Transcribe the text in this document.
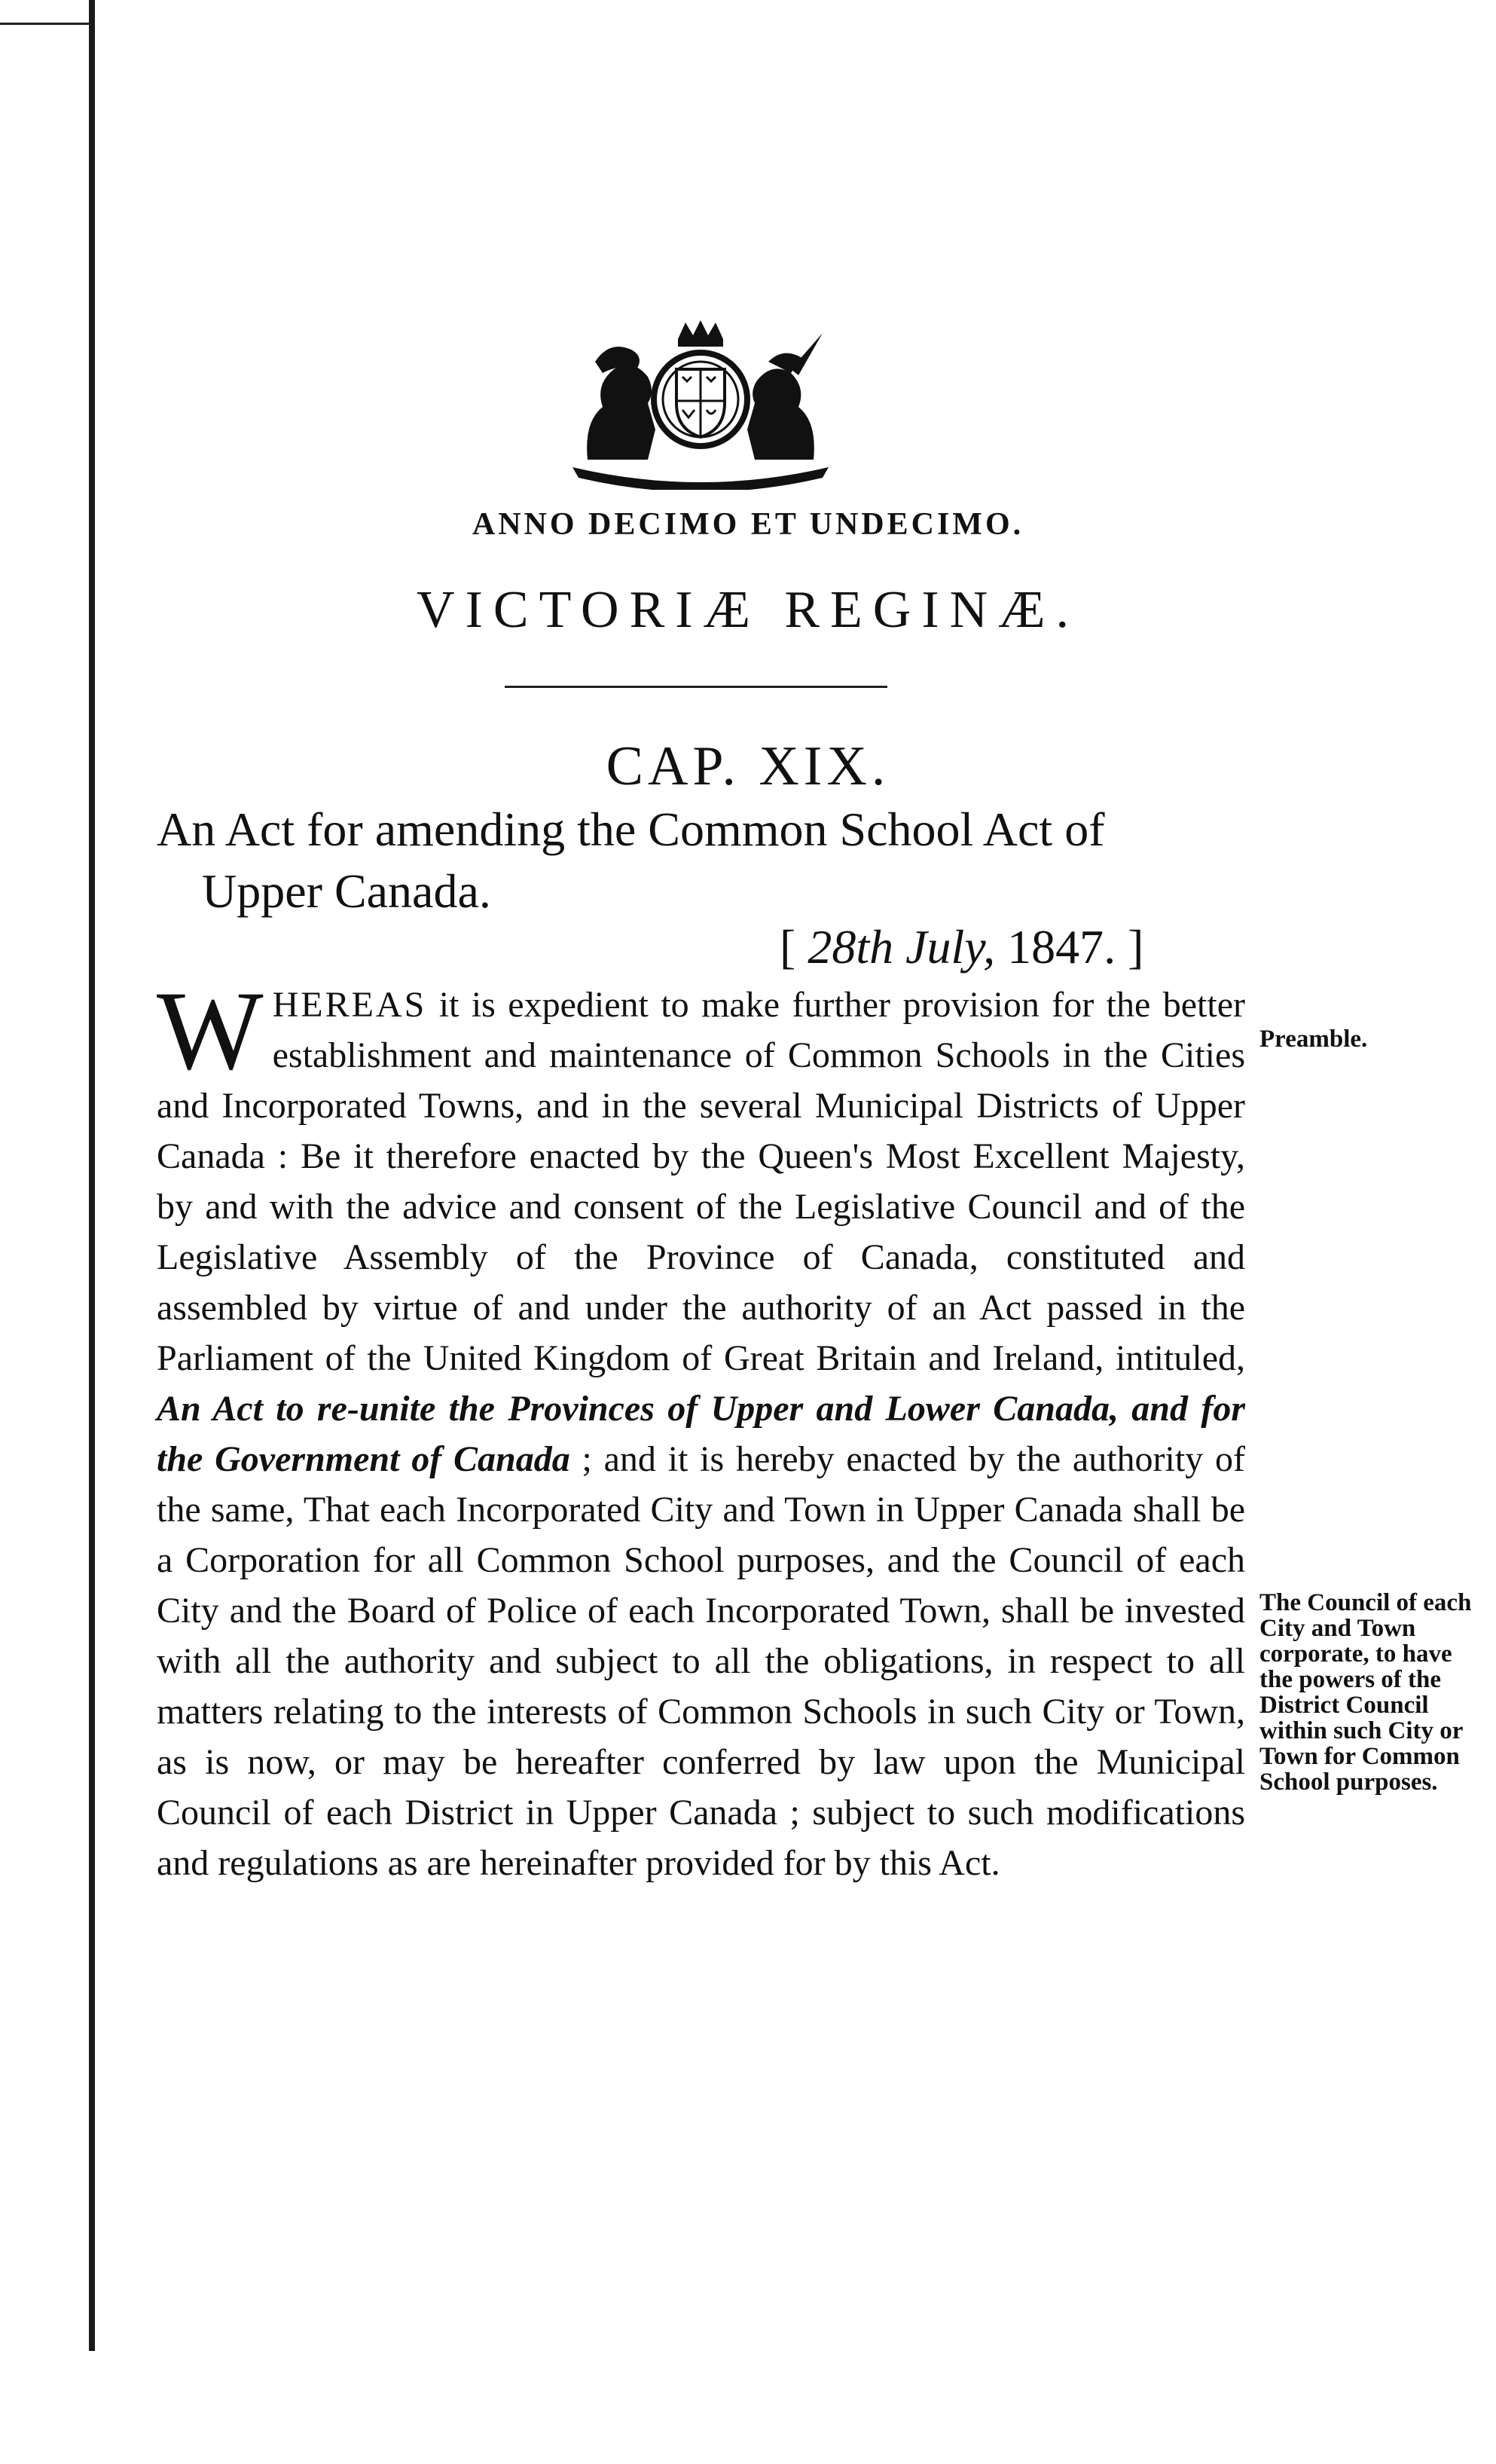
ANNO DECIMO ET UNDECIMO.
VICTORIÆ REGINÆ.
CAP. XIX.
An Act for amending the Common School Act of
Upper Canada.
[ 28th July, 1847. ]
WHEREAS it is expedient to make further provision for the better establishment and maintenance of Common Schools in the Cities and Incorporated Towns, and in the several Municipal Districts of Upper Canada : Be it therefore enacted by the Queen's Most Excellent Majesty, by and with the advice and consent of the Legislative Council and of the Legislative Assembly of the Province of Canada, constituted and assembled by virtue of and under the authority of an Act passed in the Parliament of the United Kingdom of Great Britain and Ireland, intituled, An Act to re-unite the Provinces of Upper and Lower Canada, and for the Government of Canada ; and it is hereby enacted by the authority of the same, That each Incorporated City and Town in Upper Canada shall be a Corporation for all Common School purposes, and the Council of each City and the Board of Police of each Incorporated Town, shall be invested with all the authority and subject to all the obligations, in respect to all matters relating to the interests of Common Schools in such City or Town, as is now, or may be hereafter conferred by law upon the Municipal Council of each District in Upper Canada ; subject to such modifications and regulations as are hereinafter provided for by this Act.
Preamble.
The Council of each City and Town corporate, to have the powers of the District Council within such City or Town for Common School purposes.
